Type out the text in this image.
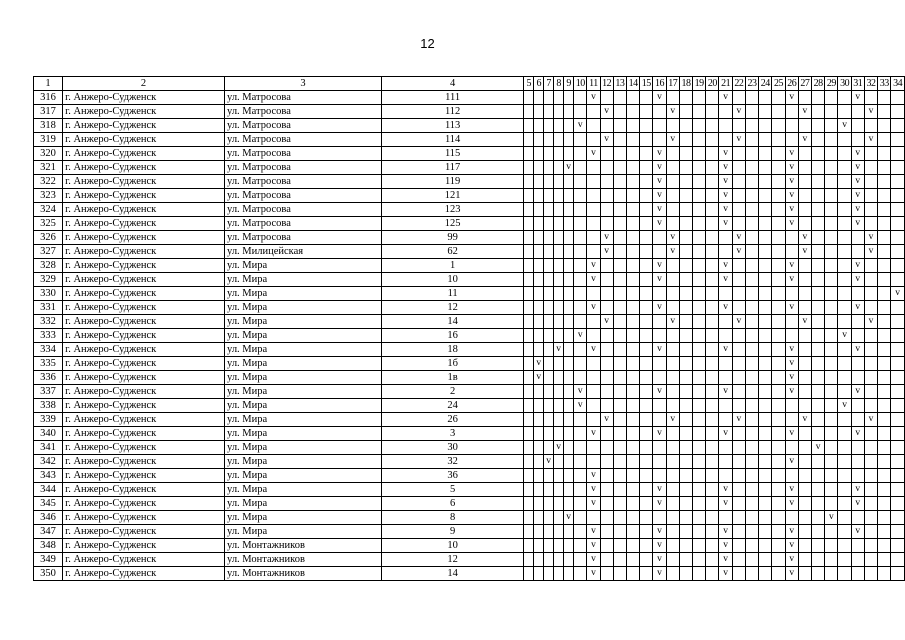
12
1	2	3	4	5	6	7	8	9	10	11	12	13	14	15	16	17	18	19	20	21	22	23	24	25	26	27	28	29	30	31	32	33	34
316	г. Анжеро-Судженск	ул. Матросова	111							v					v					v					v					v			
317	г. Анжеро-Судженск	ул. Матросова	112								v					v					v					v					v		
318	г. Анжеро-Судженск	ул. Матросова	113						v																				v				
319	г. Анжеро-Судженск	ул. Матросова	114								v					v					v					v					v		
320	г. Анжеро-Судженск	ул. Матросова	115							v					v					v					v					v			
321	г. Анжеро-Судженск	ул. Матросова	117					v							v					v					v					v			
322	г. Анжеро-Судженск	ул. Матросова	119												v					v					v					v			
323	г. Анжеро-Судженск	ул. Матросова	121												v					v					v					v			
324	г. Анжеро-Судженск	ул. Матросова	123												v					v					v					v			
325	г. Анжеро-Судженск	ул. Матросова	125												v					v					v					v			
326	г. Анжеро-Судженск	ул. Матросова	99								v					v					v					v					v		
327	г. Анжеро-Судженск	ул. Милицейская	62								v					v					v					v					v		
328	г. Анжеро-Судженск	ул. Мира	1							v					v					v					v					v			
329	г. Анжеро-Судженск	ул. Мира	10							v					v					v					v					v			
330	г. Анжеро-Судженск	ул. Мира	11																														v
331	г. Анжеро-Судженск	ул. Мира	12							v					v					v					v					v			
332	г. Анжеро-Судженск	ул. Мира	14								v					v					v					v					v		
333	г. Анжеро-Судженск	ул. Мира	16						v																				v				
334	г. Анжеро-Судженск	ул. Мира	18				v			v					v					v					v					v			
335	г. Анжеро-Судженск	ул. Мира	1б		v																				v								
336	г. Анжеро-Судженск	ул. Мира	1в		v																				v								
337	г. Анжеро-Судженск	ул. Мира	2						v						v					v					v					v			
338	г. Анжеро-Судженск	ул. Мира	24						v																				v				
339	г. Анжеро-Судженск	ул. Мира	26								v					v					v					v					v		
340	г. Анжеро-Судженск	ул. Мира	3							v					v					v					v					v			
341	г. Анжеро-Судженск	ул. Мира	30				v																				v						
342	г. Анжеро-Судженск	ул. Мира	32			v																			v								
343	г. Анжеро-Судженск	ул. Мира	36							v																							
344	г. Анжеро-Судженск	ул. Мира	5							v					v					v					v					v			
345	г. Анжеро-Судженск	ул. Мира	6							v					v					v					v					v			
346	г. Анжеро-Судженск	ул. Мира	8					v																				v					
347	г. Анжеро-Судженск	ул. Мира	9							v					v					v					v					v			
348	г. Анжеро-Судженск	ул. Монтажников	10							v					v					v					v								
349	г. Анжеро-Судженск	ул. Монтажников	12							v					v					v					v								
350	г. Анжеро-Судженск	ул. Монтажников	14							v					v					v					v								
